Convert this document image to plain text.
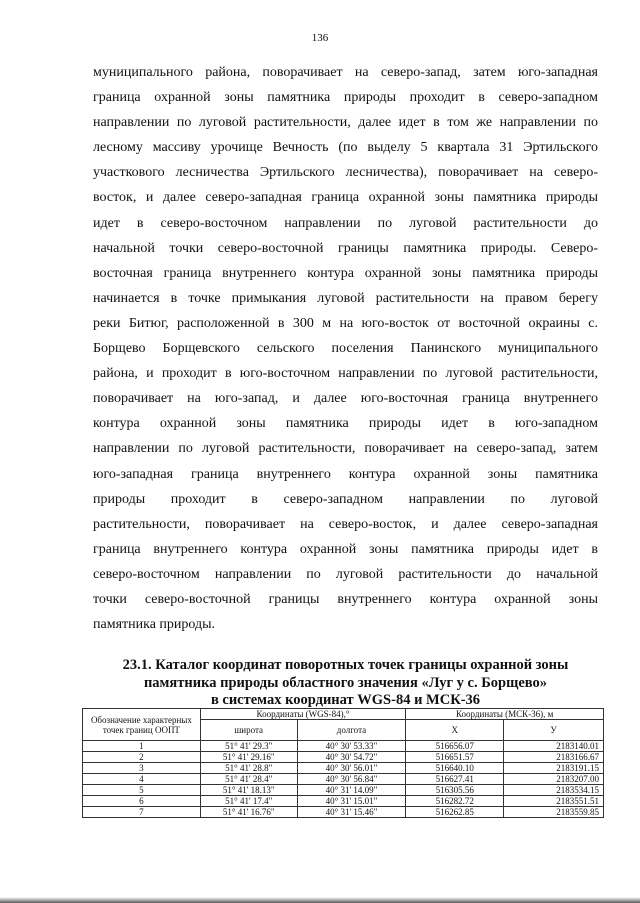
136

муниципального района, поворачивает на северо-запад, затем юго-западная
граница охранной зоны памятника природы проходит в северо-западном
направлении по луговой растительности, далее идет в том же направлении по
лесному массиву урочище Вечность (по выделу 5 квартала 31 Эртильского
участкового лесничества Эртильского лесничества), поворачивает на северо-
восток, и далее северо-западная граница охранной зоны памятника природы
идет в северо-восточном направлении по луговой растительности до
начальной точки северо-восточной границы памятника природы. Северо-
восточная граница внутреннего контура охранной зоны памятника природы
начинается в точке примыкания луговой растительности на правом берегу
реки Битюг, расположенной в 300 м на юго-восток от восточной окраины с.
Борщево Борщевского сельского поселения Панинского муниципального
района, и проходит в юго-восточном направлении по луговой растительности,
поворачивает на юго-запад, и далее юго-восточная граница внутреннего
контура охранной зоны памятника природы идет в юго-западном
направлении по луговой растительности, поворачивает на северо-запад, затем
юго-западная граница внутреннего контура охранной зоны памятника
природы проходит в северо-западном направлении по луговой
растительности, поворачивает на северо-восток, и далее северо-западная
граница внутреннего контура охранной зоны памятника природы идет в
северо-восточном направлении по луговой растительности до начальной
точки северо-восточной границы внутреннего контура охранной зоны
памятника природы.

23.1. Каталог координат поворотных точек границы охранной зоны
памятника природы областного значения «Луг у с. Борщево»
в системах координат WGS-84 и МСК-36
Обозначение характерных точек границ ООПТ	Координаты (WGS-84),°		Координаты (МСК-36), м	
	широта	долгота	X	У
1	51° 41' 29.3"	40° 30' 53.33"	516656.07	2183140.01
2	51° 41' 29.16"	40° 30' 54.72"	516651.57	2183166.67
3	51° 41' 28.8"	40° 30' 56.01"	516640.10	2183191.15
4	51° 41' 28.4"	40° 30' 56.84"	516627.41	2183207.00
5	51° 41' 18.13"	40° 31' 14.09"	516305.56	2183534.15
6	51° 41' 17.4"	40° 31' 15.01"	516282.72	2183551.51
7	51° 41' 16.76"	40° 31' 15.46"	516262.85	2183559.85
